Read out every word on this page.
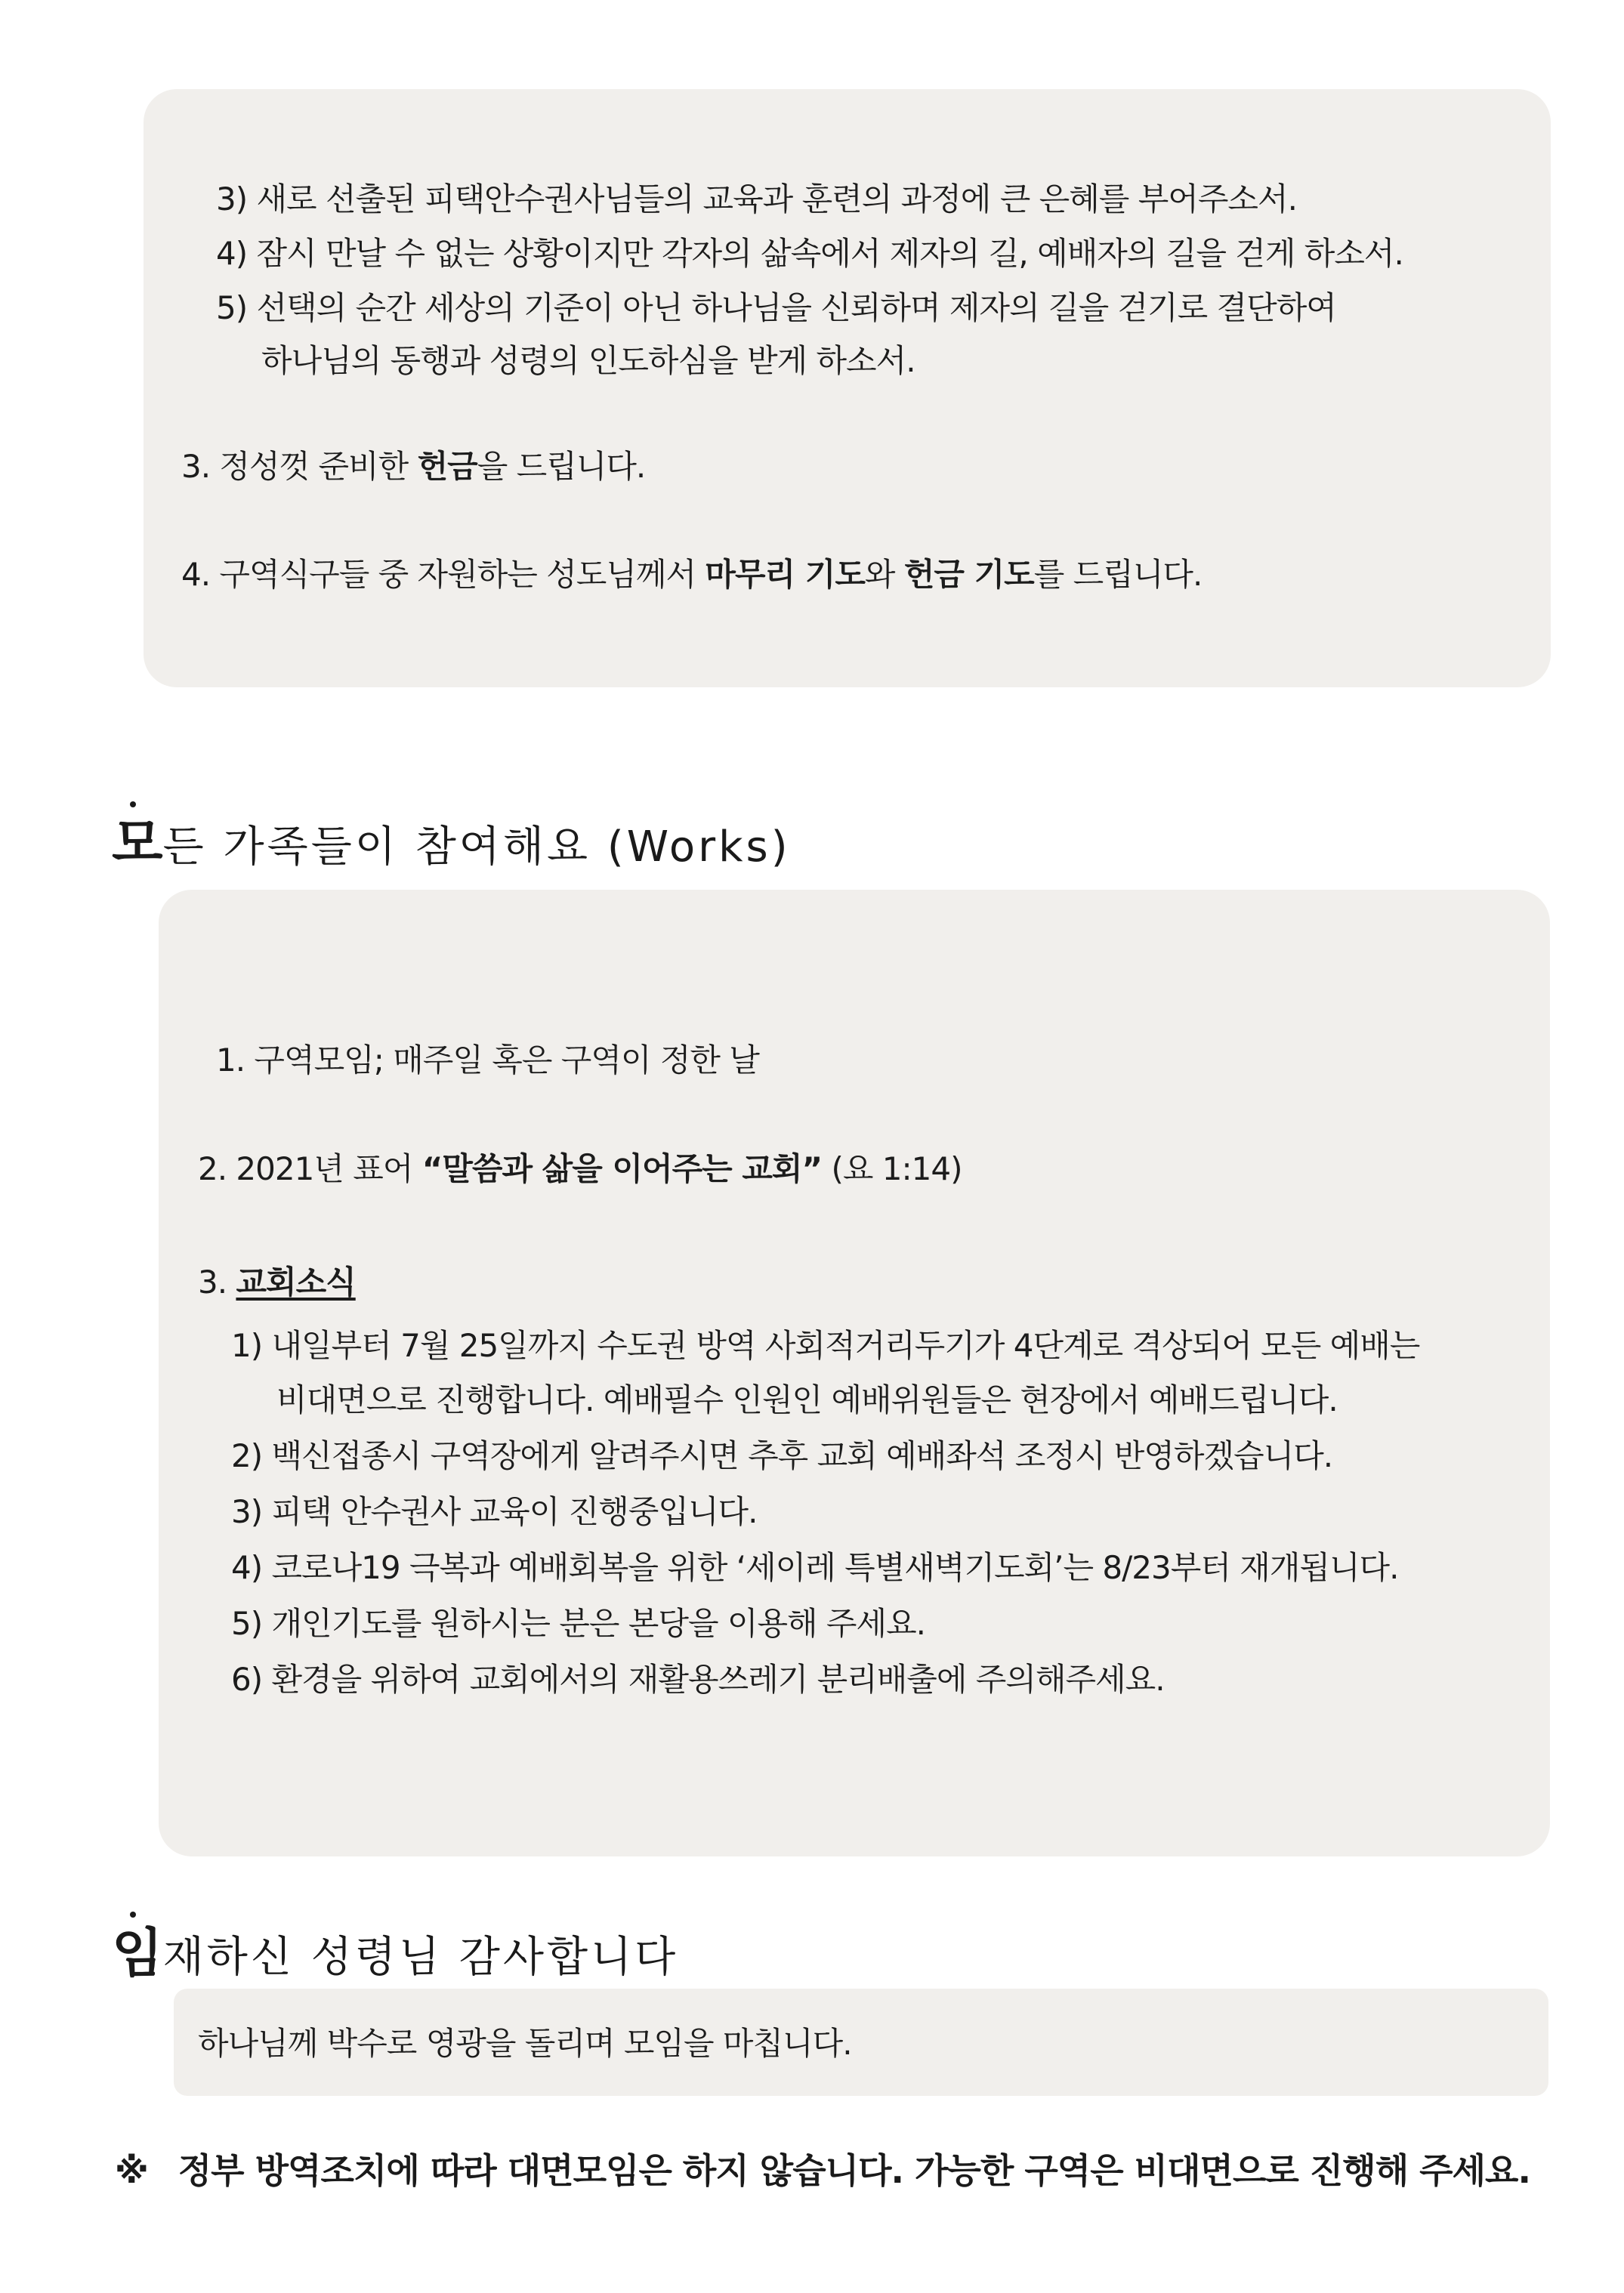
3) 새로 선출된 피택안수권사님들의 교육과 훈련의 과정에 큰 은혜를 부어주소서.
4) 잠시 만날 수 없는 상황이지만 각자의 삶속에서 제자의 길, 예배자의 길을 걷게 하소서.
5) 선택의 순간 세상의 기준이 아닌 하나님을 신뢰하며 제자의 길을 걷기로 결단하여
하나님의 동행과 성령의 인도하심을 받게 하소서.
3. 정성껏 준비한 헌금을 드립니다.
4. 구역식구들 중 자원하는 성도님께서 마무리 기도와 헌금 기도를 드립니다.
모든 가족들이 참여해요 (Works)
1. 구역모임; 매주일 혹은 구역이 정한 날
2. 2021년 표어 “말씀과 삶을 이어주는 교회” (요 1:14)
3. 교회소식
1) 내일부터 7월 25일까지 수도권 방역 사회적거리두기가 4단계로 격상되어 모든 예배는
비대면으로 진행합니다. 예배필수 인원인 예배위원들은 현장에서 예배드립니다.
2) 백신접종시 구역장에게 알려주시면 추후 교회 예배좌석 조정시 반영하겠습니다.
3) 피택 안수권사 교육이 진행중입니다.
4) 코로나19 극복과 예배회복을 위한 ‘세이레 특별새벽기도회’는 8/23부터 재개됩니다.
5) 개인기도를 원하시는 분은 본당을 이용해 주세요.
6) 환경을 위하여 교회에서의 재활용쓰레기 분리배출에 주의해주세요.
임재하신 성령님 감사합니다
하나님께 박수로 영광을 돌리며 모임을 마칩니다.
※ 정부 방역조치에 따라 대면모임은 하지 않습니다. 가능한 구역은 비대면으로 진행해 주세요.
